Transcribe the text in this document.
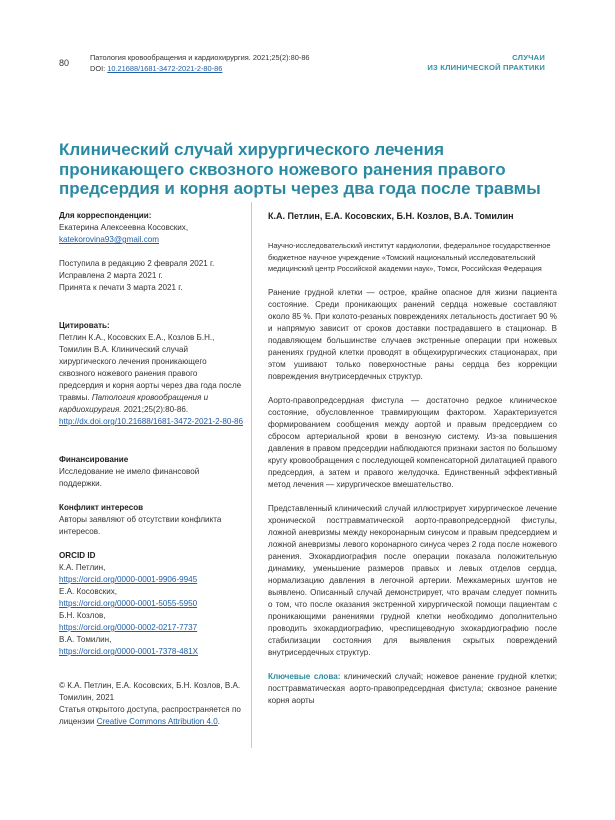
80
Патология кровообращения и кардиохирургия. 2021;25(2):80-86
DOI: 10.21688/1681-3472-2021-2-80-86
СЛУЧАИ
ИЗ КЛИНИЧЕСКОЙ ПРАКТИКИ
Клинический случай хирургического лечения проникающего сквозного ножевого ранения правого предсердия и корня аорты через два года после травмы
Для корреспонденции:
Екатерина Алексеевна Косовских,
katekorovina93@gmail.com
Поступила в редакцию 2 февраля 2021 г.
Исправлена 2 марта 2021 г.
Принята к печати 3 марта 2021 г.
Цитировать:
Петлин К.А., Косовских Е.А., Козлов Б.Н., Томилин В.А. Клинический случай хирургического лечения проникающего сквозного ножевого ранения правого предсердия и корня аорты через два года после травмы. Патология кровообращения и кардиохирургия. 2021;25(2):80-86. http://dx.doi.org/10.21688/1681-3472-2021-2-80-86
Финансирование
Исследование не имело финансовой поддержки.
Конфликт интересов
Авторы заявляют об отсутствии конфликта интересов.
ORCID ID
К.А. Петлин,
https://orcid.org/0000-0001-9906-9945
Е.А. Косовских,
https://orcid.org/0000-0001-5055-5950
Б.Н. Козлов,
https://orcid.org/0000-0002-0217-7737
В.А. Томилин,
https://orcid.org/0000-0001-7378-481X
© К.А. Петлин, Е.А. Косовских, Б.Н. Козлов, В.А. Томилин, 2021
Статья открытого доступа, распространяется по лицензии Creative Commons Attribution 4.0.
К.А. Петлин, Е.А. Косовских, Б.Н. Козлов, В.А. Томилин
Научно-исследовательский институт кардиологии, федеральное государственное бюджетное научное учреждение «Томский национальный исследовательский медицинский центр Российской академии наук», Томск, Российская Федерация

Ранение грудной клетки — острое, крайне опасное для жизни пациента состояние. Среди проникающих ранений сердца ножевые составляют около 85 %. При колото-резаных повреждениях летальность достигает 90 % и напрямую зависит от сроков доставки пострадавшего в стационар. В подавляющем большинстве случаев экстренные операции при ножевых ранениях грудной клетки проводят в общехирургических стационарах, при этом ушивают только поверхностные раны сердца без коррекции повреждения внутрисердечных структур.

Аорто-правопредсердная фистула — достаточно редкое клиническое состояние, обусловленное травмирующим фактором. Характеризуется формированием сообщения между аортой и правым предсердием со сбросом артериальной крови в венозную систему. Из-за повышения давления в правом предсердии наблюдаются признаки застоя по большому кругу кровообращения с последующей компенсаторной дилатацией правого предсердия, а затем и правого желудочка. Единственный эффективный метод лечения — хирургическое вмешательство.

Представленный клинический случай иллюстрирует хирургическое лечение хронической посттравматической аорто-правопредсердной фистулы, ложной аневризмы между некоронарным синусом и правым предсердием и ложной аневризмы левого коронарного синуса через 2 года после ножевого ранения. Эхокардиография после операции показала положительную динамику, уменьшение размеров правых и левых отделов сердца, нормализацию давления в легочной артерии. Межкамерных шунтов не выявлено. Описанный случай демонстрирует, что врачам следует помнить о том, что после оказания экстренной хирургической помощи пациентам с проникающими ранениями грудной клетки необходимо дополнительно проводить эхокардиографию, чреспищеводную эхокардиографию после стабилизации состояния для выявления скрытых повреждений внутрисердечных структур.

Ключевые слова: клинический случай; ножевое ранение грудной клетки; посттравматическая аорто-правопредсердная фистула; сквозное ранение корня аорты
